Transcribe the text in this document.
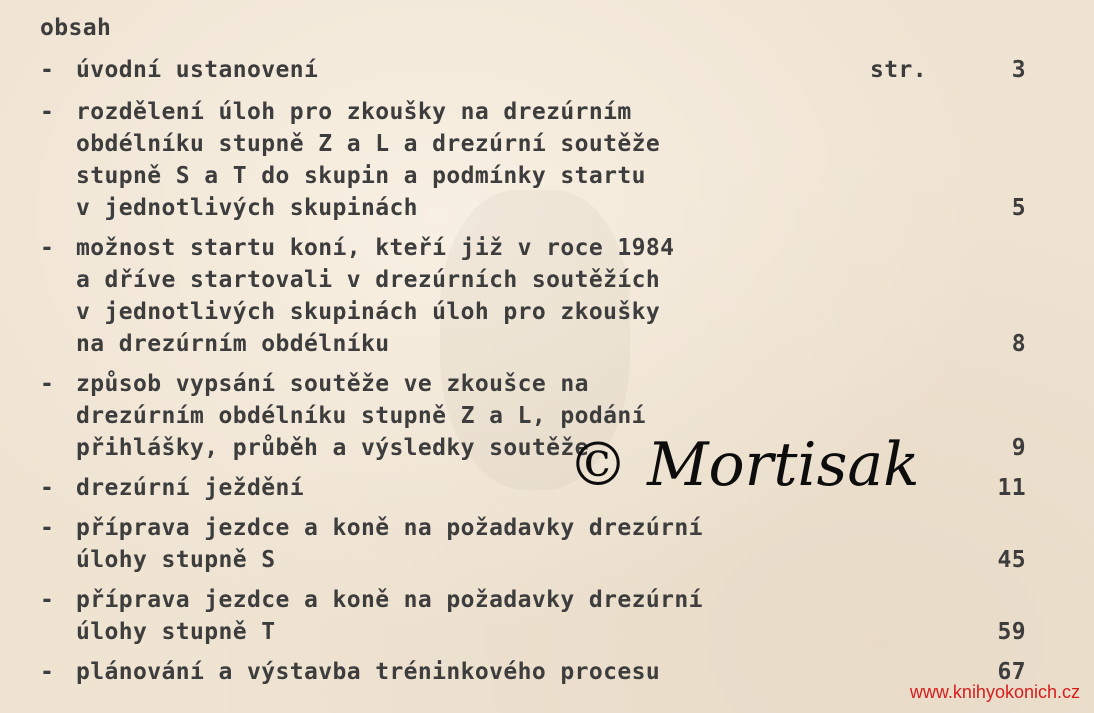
obsah
- úvodní ustanovení	str.	3
- rozdělení úloh pro zkoušky na drezúrním
obdélníku stupně Z a L a drezúrní soutěže
stupně S a T do skupin a podmínky startu
v jednotlivých skupinách	5
- možnost startu koní, kteří již v roce 1984
a dříve startovali v drezúrních soutěžích
v jednotlivých skupinách úloh pro zkoušky
na drezúrním obdélníku	8
- způsob vypsání soutěže ve zkoušce na
drezúrním obdélníku stupně Z a L, podání
přihlášky, průběh a výsledky soutěže	9
- drezúrní ježdění	11
- příprava jezdce a koně na požadavky drezúrní
úlohy stupně S	45
- příprava jezdce a koně na požadavky drezúrní
úlohy stupně T	59
- plánování a výstavba tréninkového procesu	67
© Mortisak
www.knihyokonich.cz
